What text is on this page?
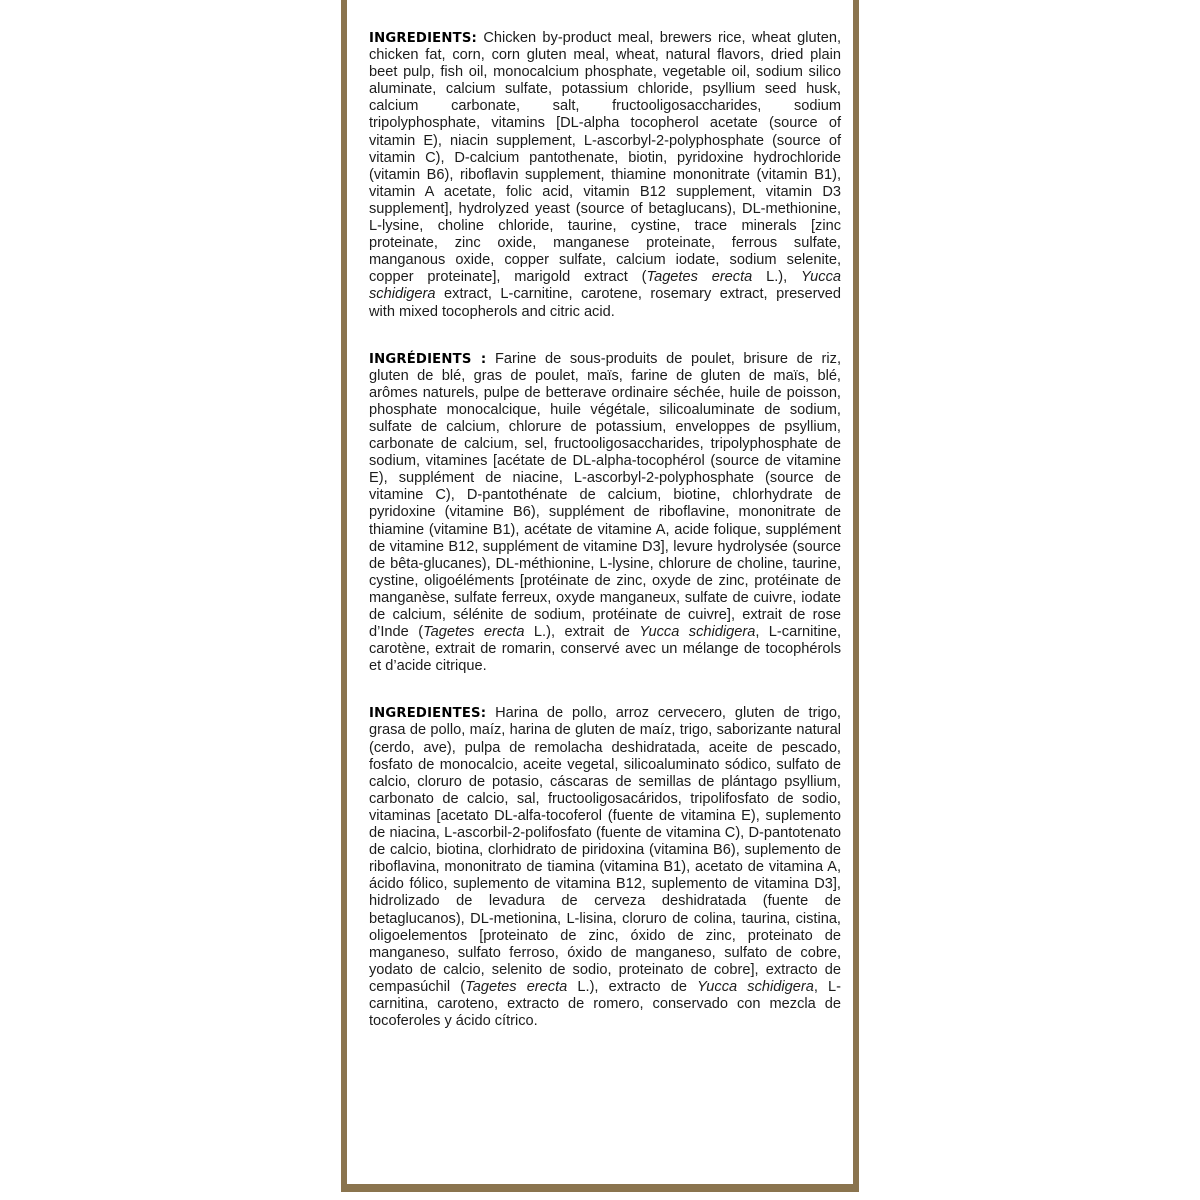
INGREDIENTS: Chicken by-product meal, brewers rice, wheat gluten, chicken fat, corn, corn gluten meal, wheat, natural flavors, dried plain beet pulp, fish oil, monocalcium phosphate, vegetable oil, sodium silico aluminate, calcium sulfate, potassium chloride, psyllium seed husk, calcium carbonate, salt, fructooligosaccharides, sodium tripolyphosphate, vitamins [DL-alpha tocopherol acetate (source of vitamin E), niacin supplement, L-ascorbyl-2-polyphosphate (source of vitamin C), D-calcium pantothenate, biotin, pyridoxine hydrochloride (vitamin B6), riboflavin supplement, thiamine mononitrate (vitamin B1), vitamin A acetate, folic acid, vitamin B12 supplement, vitamin D3 supplement], hydrolyzed yeast (source of betaglucans), DL-methionine, L-lysine, choline chloride, taurine, cystine, trace minerals [zinc proteinate, zinc oxide, manganese proteinate, ferrous sulfate, manganous oxide, copper sulfate, calcium iodate, sodium selenite, copper proteinate], marigold extract (Tagetes erecta L.), Yucca schidigera extract, L-carnitine, carotene, rosemary extract, preserved with mixed tocopherols and citric acid.

INGRÉDIENTS : Farine de sous-produits de poulet, brisure de riz, gluten de blé, gras de poulet, maïs, farine de gluten de maïs, blé, arômes naturels, pulpe de betterave ordinaire séchée, huile de poisson, phosphate monocalcique, huile végétale, silicoaluminate de sodium, sulfate de calcium, chlorure de potassium, enveloppes de psyllium, carbonate de calcium, sel, fructooligosaccharides, tripolyphosphate de sodium, vitamines [acétate de DL-alpha-tocophérol (source de vitamine E), supplément de niacine, L-ascorbyl-2-polyphosphate (source de vitamine C), D-pantothénate de calcium, biotine, chlorhydrate de pyridoxine (vitamine B6), supplément de riboflavine, mononitrate de thiamine (vitamine B1), acétate de vitamine A, acide folique, supplément de vitamine B12, supplément de vitamine D3], levure hydrolysée (source de bêta-glucanes), DL-méthionine, L-lysine, chlorure de choline, taurine, cystine, oligoéléments [protéinate de zinc, oxyde de zinc, protéinate de manganèse, sulfate ferreux, oxyde manganeux, sulfate de cuivre, iodate de calcium, sélénite de sodium, protéinate de cuivre], extrait de rose d’Inde (Tagetes erecta L.), extrait de Yucca schidigera, L-carnitine, carotène, extrait de romarin, conservé avec un mélange de tocophérols et d’acide citrique.

INGREDIENTES: Harina de pollo, arroz cervecero, gluten de trigo, grasa de pollo, maíz, harina de gluten de maíz, trigo, saborizante natural (cerdo, ave), pulpa de remolacha deshidratada, aceite de pescado, fosfato de monocalcio, aceite vegetal, silicoaluminato sódico, sulfato de calcio, cloruro de potasio, cáscaras de semillas de plántago psyllium, carbonato de calcio, sal, fructooligosacáridos, tripolifosfato de sodio, vitaminas [acetato DL-alfa-tocoferol (fuente de vitamina E), suplemento de niacina, L-ascorbil-2-polifosfato (fuente de vitamina C), D-pantotenato de calcio, biotina, clorhidrato de piridoxina (vitamina B6), suplemento de riboflavina, mononitrato de tiamina (vitamina B1), acetato de vitamina A, ácido fólico, suplemento de vitamina B12, suplemento de vitamina D3], hidrolizado de levadura de cerveza deshidratada (fuente de betaglucanos), DL-metionina, L-lisina, cloruro de colina, taurina, cistina, oligoelementos [proteinato de zinc, óxido de zinc, proteinato de manganeso, sulfato ferroso, óxido de manganeso, sulfato de cobre, yodato de calcio, selenito de sodio, proteinato de cobre], extracto de cempasúchil (Tagetes erecta L.), extracto de Yucca schidigera, L-carnitina, caroteno, extracto de romero, conservado con mezcla de tocoferoles y ácido cítrico.
